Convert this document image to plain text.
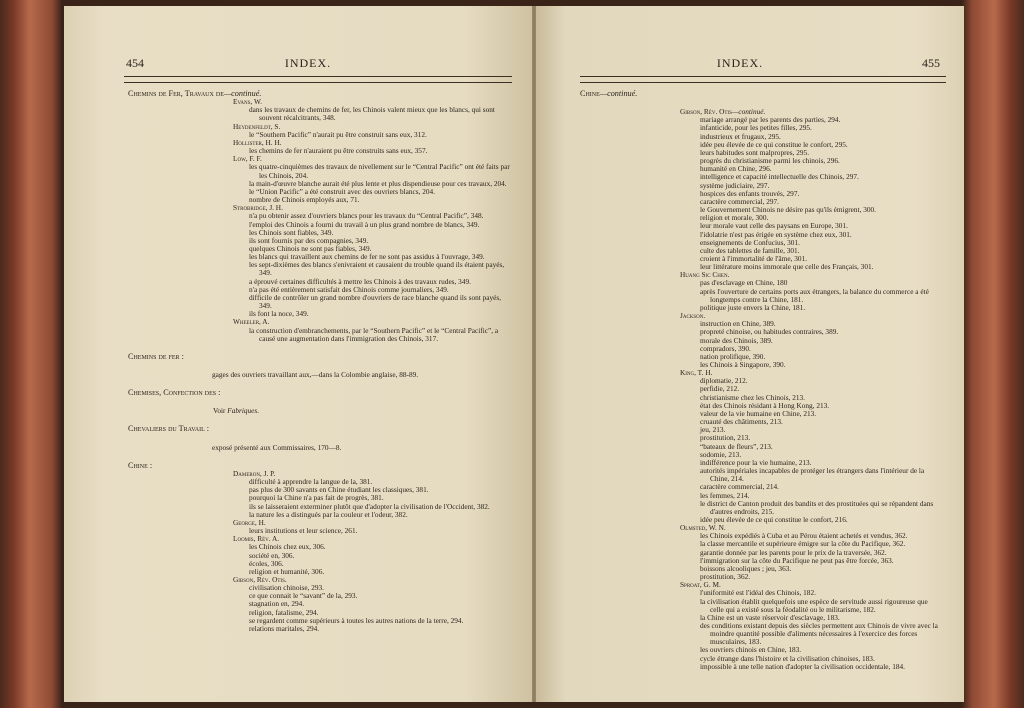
454	INDEX.

Chemins de Fer, Travaux de—continué.

Evans, W.

dans les travaux de chemins de fer, les Chinois valent mieux que les blancs, qui sont souvent récalcitrants, 348.

Heydenfeldt, S.

le “Southern Pacific” n'aurait pu être construit sans eux, 312.

Hollister, H. H.

les chemins de fer n'auraient pu être construits sans eux, 357.

Low, F. F.

les quatre-cinquièmes des travaux de nivellement sur le “Central Pacific” ont été faits par les Chinois, 204.

la main-d'œuvre blanche aurait été plus lente et plus dispendieuse pour ces travaux, 204.

le “Union Pacific” a été construit avec des ouvriers blancs, 204.

nombre de Chinois employés aux, 71.

Strobridge, J. H.

n'a pu obtenir assez d'ouvriers blancs pour les travaux du “Central Pacific”, 348.

l'emploi des Chinois a fourni du travail à un plus grand nombre de blancs, 349.

les Chinois sont fiables, 349.

ils sont fournis par des compagnies, 349.

quelques Chinois ne sont pas fiables, 349.

les blancs qui travaillent aux chemins de fer ne sont pas assidus à l'ouvrage, 349.

les sept-dixièmes des blancs s'enivraient et causaient du trouble quand ils étaient payés, 349.

a éprouvé certaines difficultés à mettre les Chinois à des travaux rudes, 349.

n'a pas été entièrement satisfait des Chinois comme journaliers, 349.

difficile de contrôler un grand nombre d'ouvriers de race blanche quand ils sont payés, 349.

ils font la noce, 349.

Wheeler, A.

la construction d'embranchements, par le “Southern Pacific” et le “Central Pacific”, a causé une augmentation dans l'immigration des Chinois, 317.

Chemins de fer :

gages des ouvriers travaillant aux,—dans la Colombie anglaise, 88-89.

Chemises, Confection des :

Voir Fabriques.

Chevaliers du Travail :

exposé présenté aux Commissaires, 170—8.

Chine :

Dameron, J. P.

difficulté à apprendre la langue de la, 381.

pas plus de 300 savants en Chine étudiant les classiques, 381.

pourquoi la Chine n'a pas fait de progrès, 381.

ils se laisseraient exterminer plutôt que d'adopter la civilisation de l'Occident, 382.

la nature les a distingués par la couleur et l'odeur, 382.

George, H.

leurs institutions et leur science, 261.

Loomis, Rév. A.

les Chinois chez eux, 306.

société en, 306.

écoles, 306.

religion et humanité, 306.

Gibson, Rév. Otis.

civilisation chinoise, 293.

ce que connait le “savant” de la, 293.

stagnation en, 294.

religion, fatalisme, 294.

se regardent comme supérieurs à toutes les autres nations de la terre, 294.

relations maritales, 294.

455
INDEX.

Chine—continué.

Gibson, Rév. Otis—continué.

mariage arrangé par les parents des parties, 294.

infanticide, pour les petites filles, 295.

industrieux et frugaux, 295.

idée peu élevée de ce qui constitue le confort, 295.

leurs habitudes sont malpropres, 295.

progrès du christianisme parmi les chinois, 296.

humanité en Chine, 296.

intelligence et capacité intellectuelle des Chinois, 297.

système judiciaire, 297.

hospices des enfants trouvés, 297.

caractère commercial, 297.

le Gouvernement Chinois ne désire pas qu'ils émigrent, 300.

religion et morale, 300.

leur morale vaut celle des paysans en Europe, 301.

l'idolatrie n'est pas érigée en système chez eux, 301.

enseignements de Confucius, 301.

culte des tablettes de famille, 301.

croient à l'immortalité de l'âme, 301.

leur littérature moins immorale que celle des Français, 301.

Huang Sic Chen.

pas d'esclavage en Chine, 180

après l'ouverture de certains ports aux étrangers, la balance du commerce a été longtemps contre la Chine, 181.

politique juste envers la Chine, 181.

Jackson.

instruction en Chine, 389.

propreté chinoise, ou habitudes contraires, 389.

morale des Chinois, 389.

compradors, 390.

nation prolifique, 390.

les Chinois à Singapore, 390.

King, T. H.

diplomatie, 212.

perfidie, 212.

christianisme chez les Chinois, 213.

état des Chinois résidant à Hong Kong, 213.

valeur de la vie humaine en Chine, 213.

cruauté des châtiments, 213.

jeu, 213.

prostitution, 213.

“bateaux de fleurs”, 213.

sodomie, 213.

indifférence pour la vie humaine, 213.

autorités impériales incapables de protéger les étrangers dans l'intérieur de la Chine, 214.

caractère commercial, 214.

les femmes, 214.

le district de Canton produit des bandits et des prostituées qui se répandent dans d'autres endroits, 215.

idée peu élevée de ce qui constitue le confort, 216.

Olmsted, W. N.

les Chinois expédiés à Cuba et au Pérou étaient achetés et vendus, 362.

la classe mercantile et supérieure émigre sur la côte du Pacifique, 362.

garantie donnée par les parents pour le prix de la traversée, 362.

l'immigration sur la côte du Pacifique ne peut pas être forcée, 363.

boissons alcooliques ; jeu, 363.

prostitution, 362.

Sproat, G. M.

l'uniformité est l'idéal des Chinois, 182.

la civilisation établit quelquefois une espèce de servitude aussi rigoureuse que celle qui a existé sous la féodalité ou le militarisme, 182.

la Chine est un vaste réservoir d'esclavage, 183.

des conditions existant depuis des siècles permettent aux Chinois de vivre avec la moindre quantité possible d'aliments nécessaires à l'exercice des forces musculaires, 183.

les ouvriers chinois en Chine, 183.

cycle étrange dans l'histoire et la civilisation chinoises, 183.

impossible à une telle nation d'adopter la civilisation occidentale, 184.
